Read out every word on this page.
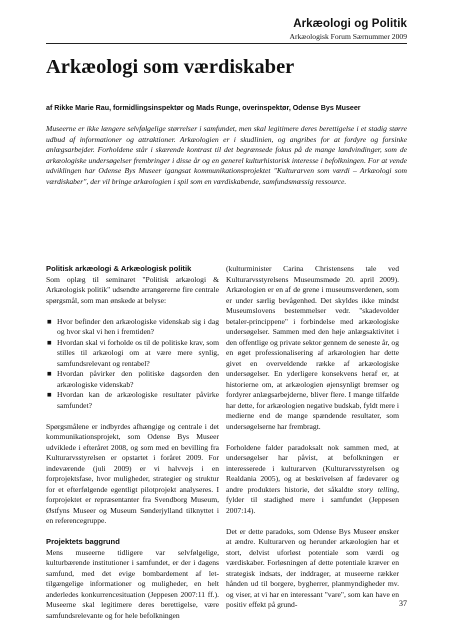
Arkæologi og Politik
Arkæologisk Forum Særnummer 2009
Arkæologi som værdiskaber
af Rikke Marie Rau, formidlingsinspektør og Mads Runge, overinspektør, Odense Bys Museer

Museerne er ikke længere selvfølgelige størrelser i samfundet, men skal legitimere deres berettigelse i et stadig større udbud af informationer og attraktioner. Arkæologien er i skudlinien, og angribes for at fordyre og forsinke anlægsarbejder. Forholdene står i skærende kontrast til det begrænsede fokus på de mange landvindinger, som de arkæologiske undersøgelser frembringer i disse år og en generel kulturhistorisk interesse i befolkningen. For at vende udviklingen har Odense Bys Museer igangsat kommunikationsprojektet "Kulturarven som værdi – Arkæologi som værdiskaber", der vil bringe arkæologien i spil som en værdiskabende, samfundsmæssig ressource.

Politisk arkæologi & Arkæologisk politik

Som oplæg til seminaret "Politisk arkæologi & Arkæologisk politik" udsendte arrangørerne fire centrale spørgsmål, som man ønskede at belyse:

■ Hvor befinder den arkæologiske videnskab sig i dag og hvor skal vi hen i fremtiden?
■ Hvordan skal vi forholde os til de politiske krav, som stilles til arkæologi om at være mere synlig, samfundsrelevant og rentabel?
■ Hvordan påvirker den politiske dagsorden den arkæologiske videnskab?
■ Hvordan kan de arkæologiske resultater påvirke samfundet?

Spørgsmålene er indbyrdes afhængige og centrale i det kommunikationsprojekt, som Odense Bys Museer udviklede i efteråret 2008, og som med en bevilling fra Kulturarvsstyrelsen er opstartet i foråret 2009. For indeværende (juli 2009) er vi halvvejs i en forprojektsfase, hvor muligheder, strategier og struktur for et efterfølgende egentligt pilotprojekt analyseres. I forprojektet er repræsentanter fra Svendborg Museum, Østfyns Museer og Museum Sønderjylland tilknyttet i en referencegruppe.

Projektets baggrund

Mens museerne tidligere var selvfølgelige, kulturbærende institutioner i samfundet, er der i dagens samfund, med det evige bombardement af let-tilgængelige informationer og muligheder, en helt anderledes konkurrencesituation (Jeppesen 2007:11 ff.). Museerne skal legitimere deres berettigelse, være samfundsrelevante og for hele befolkningen

(kulturminister Carina Christensens tale ved Kulturarvsstyrelsens Museumsmøde 20. april 2009). Arkæologien er en af de grene i museumsverdenen, som er under særlig bevågenhed. Det skyldes ikke mindst Museumslovens bestemmelser vedr. "skadevolder betaler-princippene" i forbindelse med arkæologiske undersøgelser. Sammen med den høje anlægsaktivitet i den offentlige og private sektor gennem de seneste år, og en øget professionalisering af arkæologien har dette givet en overveldende række af arkæologiske undersøgelser. En yderligere konsekvens heraf er, at historierne om, at arkæologien øjensynligt bremser og fordyrer anlægsarbejderne, bliver flere. I mange tilfælde har dette, for arkæologien negative budskab, fyldt mere i medierne end de mange spændende resultater, som undersøgelserne har frembragt.

Forholdene falder paradoksalt nok sammen med, at undersøgelser har påvist, at befolkningen er interesserede i kulturarven (Kulturarvsstyrelsen og Realdania 2005), og at beskrivelsen af fædevarer og andre produkters historie, det såkaldte story telling, fylder til stadighed mere i samfundet (Jeppesen 2007:14).

Det er dette paradoks, som Odense Bys Museer ønsker at ændre. Kulturarven og herunder arkæologien har et stort, delvist uforløst potentiale som værdi og værdiskaber. Forløsningen af dette potentiale kræver en strategisk indsats, der inddrager, at museerne rækker hånden ud til borgere, bygherrer, planmyndigheder mv. og viser, at vi har en interessant "vare", som kan have en positiv effekt på grund-	37
